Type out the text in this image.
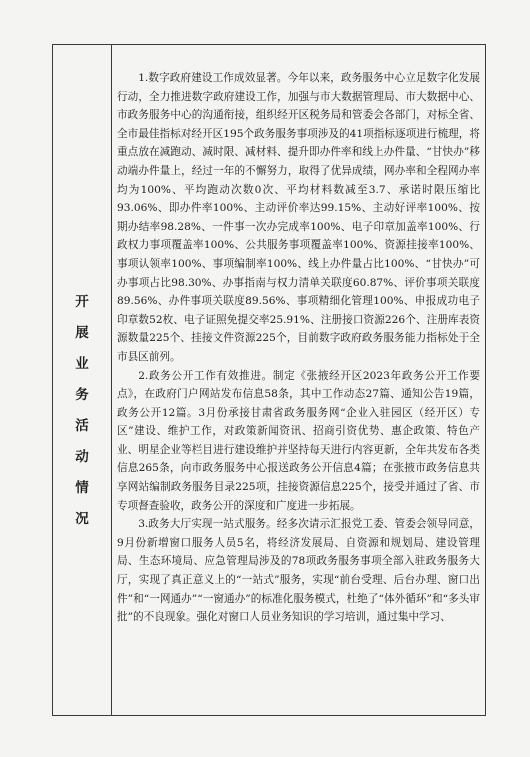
开
展
业
务
活
动
情
况

1.数字政府建设工作成效显著。今年以来，政务服务中心立足数字化发展行动，全力推进数字政府建设工作，加强与市大数据管理局、市大数据中心、市政务服务中心的沟通衔接，组织经开区税务局和管委会各部门，对标全省、全市最佳指标对经开区195个政务服务事项涉及的41项指标逐项进行梳理，将重点放在减跑动、减时限、减材料、提升即办件率和线上办件量、“甘快办”移动端办件量上，经过一年的不懈努力，取得了优异成绩，网办率和全程网办率均为100%、平均跑动次数0次、平均材料数减至3.7、承诺时限压缩比93.06%、即办件率100%、主动评价率达99.15%、主动好评率100%、按期办结率98.28%、一件事一次办完成率100%、电子印章加盖率100%、行政权力事项覆盖率100%、公共服务事项覆盖率100%、资源挂接率100%、事项认领率100%、事项编制率100%、线上办件量占比100%、“甘快办”可办事项占比98.30%、办事指南与权力清单关联度60.87%、评价事项关联度89.56%、办件事项关联度89.56%、事项精细化管理100%、申报成功电子印章数52枚、电子证照免提交率25.91%、注册接口资源226个、注册库表资源数量225个、挂接文件资源225个，目前数字政府政务服务能力指标处于全市县区前列。

2.政务公开工作有效推进。制定《张掖经开区2023年政务公开工作要点》，在政府门户网站发布信息58条，其中工作动态27篇、通知公告19篇，政务公开12篇。3月份承接甘肃省政务服务网“企业入驻园区（经开区）专区”建设、维护工作，对政策新闻资讯、招商引资优势、惠企政策、特色产业、明星企业等栏目进行建设维护并坚持每天进行内容更新，全年共发布各类信息265条，向市政务服务中心报送政务公开信息4篇；在张掖市政务信息共享网站编制政务服务目录225项，挂接资源信息225个，接受并通过了省、市专项督查验收，政务公开的深度和广度进一步拓展。

3.政务大厅实现一站式服务。经多次请示汇报党工委、管委会领导同意，9月份新增窗口服务人员5名，将经济发展局、自资源和规划局、建设管理局、生态环境局、应急管理局涉及的78项政务服务事项全部入驻政务服务大厅，实现了真正意义上的“一站式”服务，实现“前台受理、后台办理、窗口出件”和“一网通办”“一窗通办”的标准化服务模式，杜绝了“体外循环”和“多头审批”的不良现象。强化对窗口人员业务知识的学习培训，通过集中学习、
